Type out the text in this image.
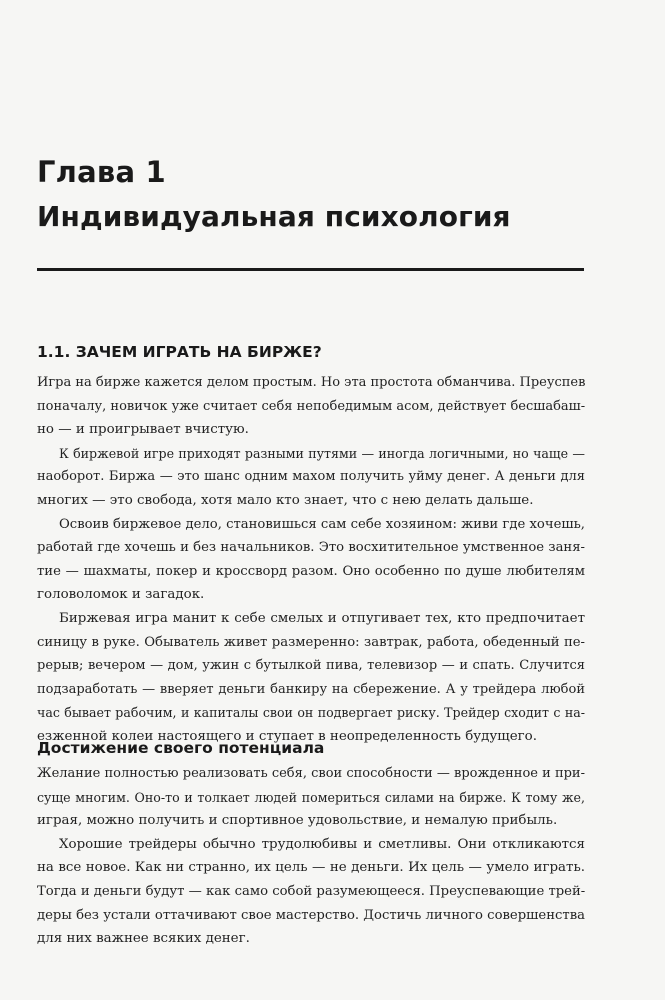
Глава 1
Индивидуальная психология
1.1. ЗАЧЕМ ИГРАТЬ НА БИРЖЕ?
Игра на бирже кажется делом простым. Но эта простота обманчива. Преуспев
поначалу, новичок уже считает себя непобедимым асом, действует бесшабаш-
но — и проигрывает вчистую.
К биржевой игре приходят разными путями — иногда логичными, но чаще —
наоборот. Биржа — это шанс одним махом получить уйму денег. А деньги для
многих — это свобода, хотя мало кто знает, что с нею делать дальше.
Освоив биржевое дело, становишься сам себе хозяином: живи где хочешь,
работай где хочешь и без начальников. Это восхитительное умственное заня-
тие — шахматы, покер и кроссворд разом. Оно особенно по душе любителям
головоломок и загадок.
Биржевая игра манит к себе смелых и отпугивает тех, кто предпочитает
синицу в руке. Обыватель живет размеренно: завтрак, работа, обеденный пе-
рерыв; вечером — дом, ужин с бутылкой пива, телевизор — и спать. Случится
подзаработать — вверяет деньги банкиру на сбережение. А у трейдера любой
час бывает рабочим, и капиталы свои он подвергает риску. Трейдер сходит с на-
езженной колеи настоящего и ступает в неопределенность будущего.
Достижение своего потенциала
Желание полностью реализовать себя, свои способности — врожденное и при-
суще многим. Оно-то и толкает людей помериться силами на бирже. К тому же,
играя, можно получить и спортивное удовольствие, и немалую прибыль.
Хорошие трейдеры обычно трудолюбивы и сметливы. Они откликаются
на все новое. Как ни странно, их цель — не деньги. Их цель — умело играть.
Тогда и деньги будут — как само собой разумеющееся. Преуспевающие трей-
деры без устали оттачивают свое мастерство. Достичь личного совершенства
для них важнее всяких денег.
